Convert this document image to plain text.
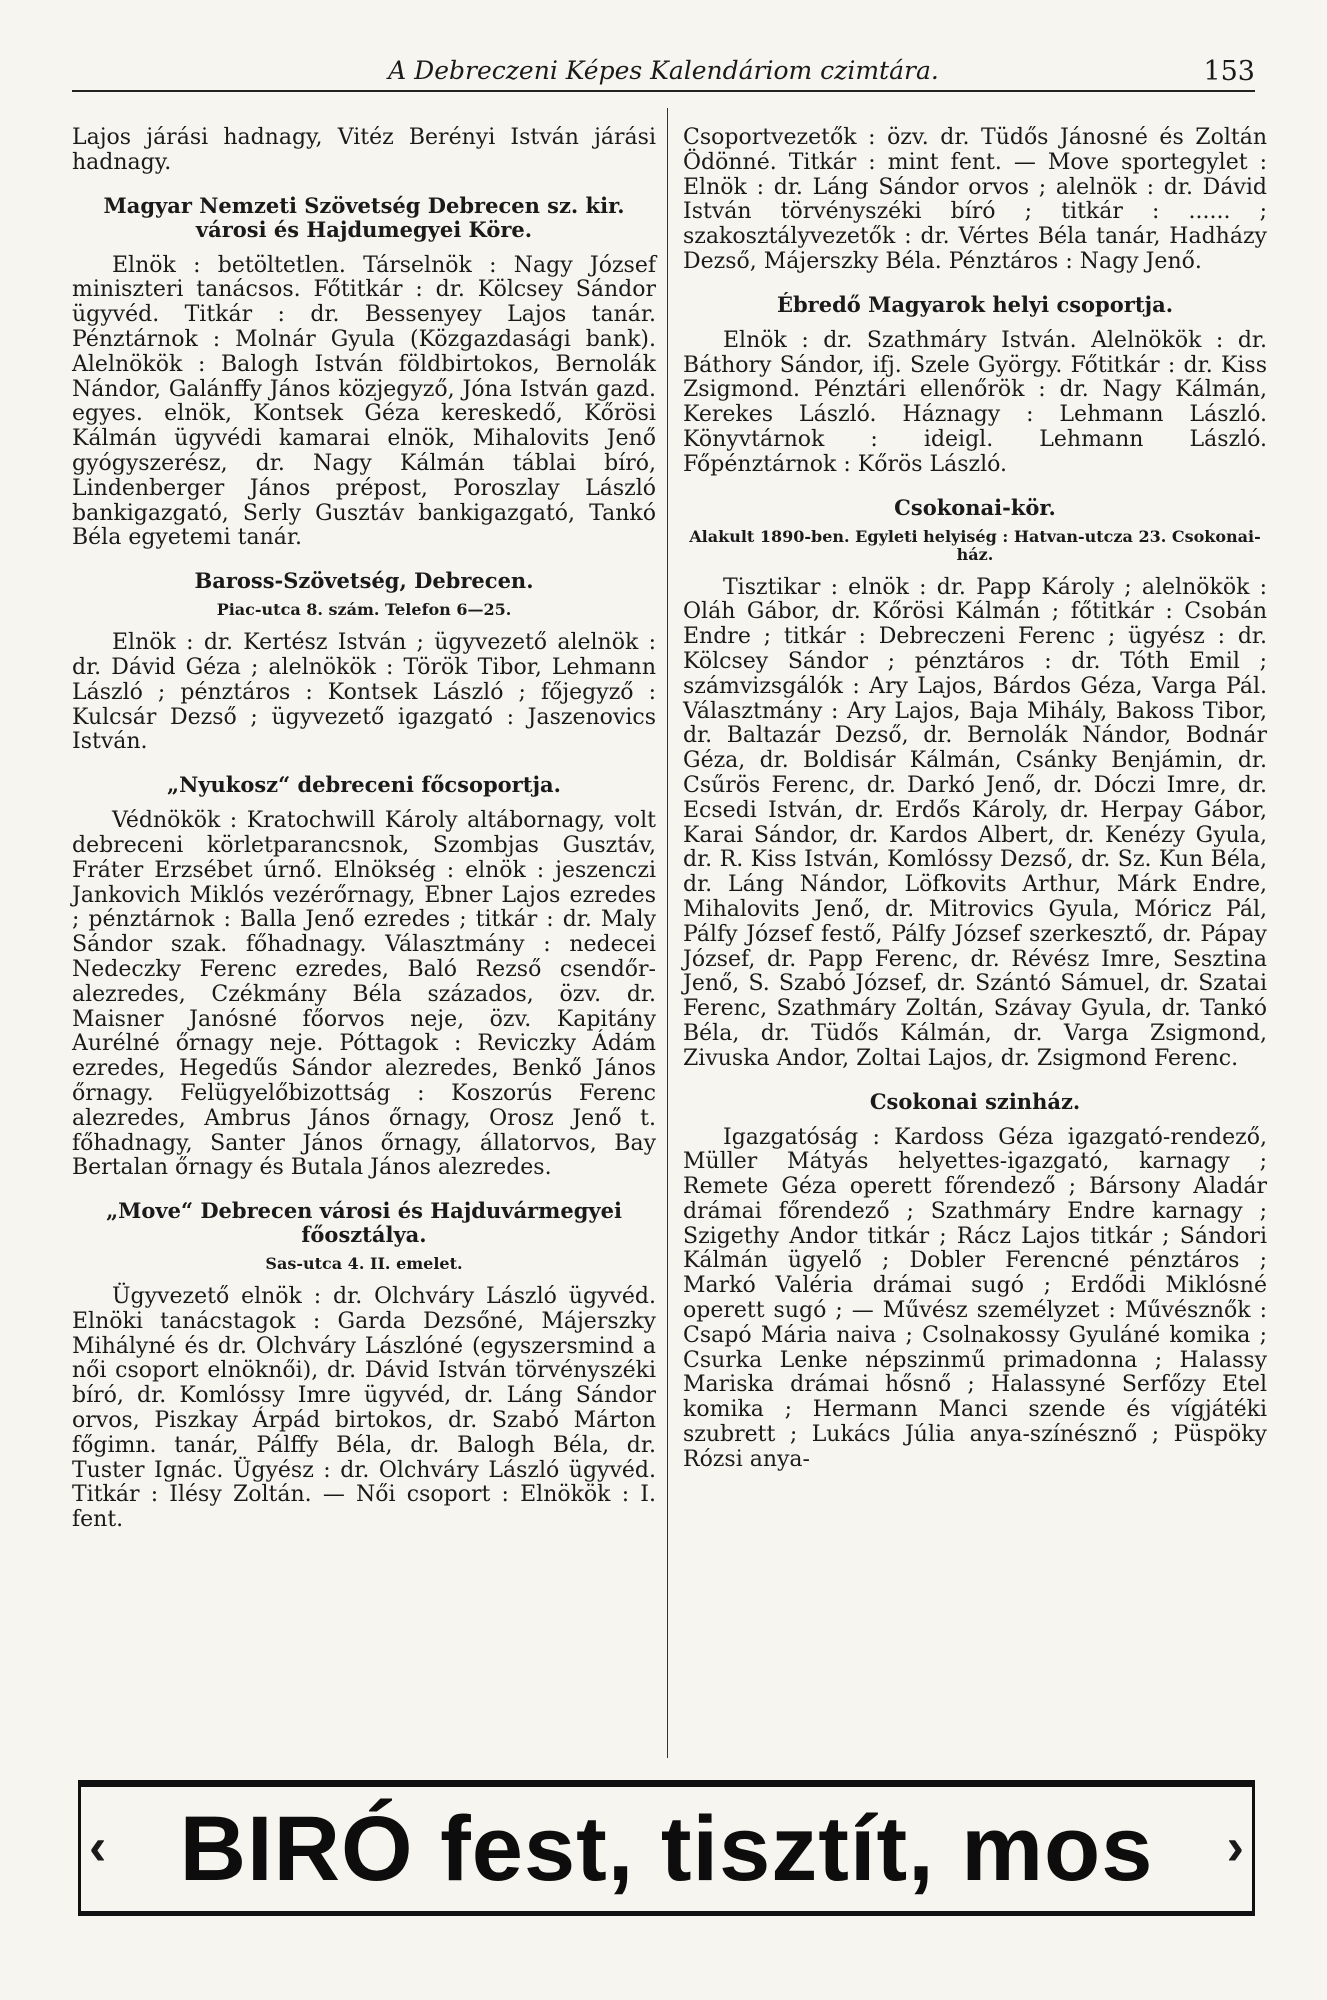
A Debreczeni Képes Kalendáriom czimtára.	153

Lajos járási hadnagy, Vitéz Berényi István járási hadnagy.

Magyar Nemzeti Szövetség Debrecen sz. kir. városi és Hajdumegyei Köre.

Elnök : betöltetlen. Társelnök : Nagy József miniszteri tanácsos. Főtitkár : dr. Kölcsey Sándor ügyvéd. Titkár : dr. Bessenyey Lajos tanár. Pénztárnok : Molnár Gyula (Közgazdasági bank). Alelnökök : Balogh István földbirtokos, Bernolák Nándor, Galánffy János közjegyző, Jóna István gazd. egyes. elnök, Kontsek Géza kereskedő, Kőrösi Kálmán ügyvédi kamarai elnök, Mihalovits Jenő gyógyszerész, dr. Nagy Kálmán táblai bíró, Lindenberger János prépost, Poroszlay László bankigazgató, Serly Gusztáv bankigazgató, Tankó Béla egyetemi tanár.

Baross-Szövetség, Debrecen.
Piac-utca 8. szám. Telefon 6—25.

Elnök : dr. Kertész István ; ügyvezető alelnök : dr. Dávid Géza ; alelnökök : Török Tibor, Lehmann László ; pénztáros : Kontsek László ; főjegyző : Kulcsár Dezső ; ügyvezető igazgató : Jaszenovics István.

„Nyukosz“ debreceni főcsoportja.

Védnökök : Kratochwill Károly altábornagy, volt debreceni körletparancsnok, Szombjas Gusztáv, Fráter Erzsébet úrnő. Elnökség : elnök : jeszenczi Jankovich Miklós vezérőrnagy, Ebner Lajos ezredes ; pénztárnok : Balla Jenő ezredes ; titkár : dr. Maly Sándor szak. főhadnagy. Választmány : nedecei Nedeczky Ferenc ezredes, Baló Rezső csendőr-alezredes, Czékmány Béla százados, özv. dr. Maisner Janósné főorvos neje, özv. Kapitány Aurélné őrnagy neje. Póttagok : Reviczky Ádám ezredes, Hegedűs Sándor alezredes, Benkő János őrnagy. Felügyelőbizottság : Koszorús Ferenc alezredes, Ambrus János őrnagy, Orosz Jenő t. főhadnagy, Santer János őrnagy, állatorvos, Bay Bertalan őrnagy és Butala János alezredes.

„Move“ Debrecen városi és Hajduvármegyei főosztálya.
Sas-utca 4. II. emelet.

Ügyvezető elnök : dr. Olchváry László ügyvéd. Elnöki tanácstagok : Garda Dezsőné, Májerszky Mihályné és dr. Olchváry Lászlóné (egyszersmind a női csoport elnöknői), dr. Dávid István törvényszéki bíró, dr. Komlóssy Imre ügyvéd, dr. Láng Sándor orvos, Piszkay Árpád birtokos, dr. Szabó Márton főgimn. tanár, Pálffy Béla, dr. Balogh Béla, dr. Tuster Ignác. Ügyész : dr. Olchváry László ügyvéd. Titkár : Ilésy Zoltán. — Női csoport : Elnökök : I. fent.

Csoportvezetők : özv. dr. Tüdős Jánosné és Zoltán Ödönné. Titkár : mint fent. — Move sportegylet : Elnök : dr. Láng Sándor orvos ; alelnök : dr. Dávid István törvényszéki bíró ; titkár : ...... ; szakosztályvezetők : dr. Vértes Béla tanár, Hadházy Dezső, Májerszky Béla. Pénztáros : Nagy Jenő.

Ébredő Magyarok helyi csoportja.

Elnök : dr. Szathmáry István. Alelnökök : dr. Báthory Sándor, ifj. Szele György. Főtitkár : dr. Kiss Zsigmond. Pénztári ellenőrök : dr. Nagy Kálmán, Kerekes László. Háznagy : Lehmann László. Könyvtárnok : ideigl. Lehmann László. Főpénztárnok : Kőrös László.

Csokonai-kör.
Alakult 1890-ben. Egyleti helyiség : Hatvan-utcza 23. Csokonai-ház.

Tisztikar : elnök : dr. Papp Károly ; alelnökök : Oláh Gábor, dr. Kőrösi Kálmán ; főtitkár : Csobán Endre ; titkár : Debreczeni Ferenc ; ügyész : dr. Kölcsey Sándor ; pénztáros : dr. Tóth Emil ; számvizsgálók : Ary Lajos, Bárdos Géza, Varga Pál. Választmány : Ary Lajos, Baja Mihály, Bakoss Tibor, dr. Baltazár Dezső, dr. Bernolák Nándor, Bodnár Géza, dr. Boldisár Kálmán, Csánky Benjámin, dr. Csűrös Ferenc, dr. Darkó Jenő, dr. Dóczi Imre, dr. Ecsedi István, dr. Erdős Károly, dr. Herpay Gábor, Karai Sándor, dr. Kardos Albert, dr. Kenézy Gyula, dr. R. Kiss István, Komlóssy Dezső, dr. Sz. Kun Béla, dr. Láng Nándor, Löfkovits Arthur, Márk Endre, Mihalovits Jenő, dr. Mitrovics Gyula, Móricz Pál, Pálfy József festő, Pálfy József szerkesztő, dr. Pápay József, dr. Papp Ferenc, dr. Révész Imre, Sesztina Jenő, S. Szabó József, dr. Szántó Sámuel, dr. Szatai Ferenc, Szathmáry Zoltán, Szávay Gyula, dr. Tankó Béla, dr. Tüdős Kálmán, dr. Varga Zsigmond, Zivuska Andor, Zoltai Lajos, dr. Zsigmond Ferenc.

Csokonai szinház.

Igazgatóság : Kardoss Géza igazgató-rendező, Müller Mátyás helyettes-igazgató, karnagy ; Remete Géza operett főrendező ; Bársony Aladár drámai főrendező ; Szathmáry Endre karnagy ; Szigethy Andor titkár ; Rácz Lajos titkár ; Sándori Kálmán ügyelő ; Dobler Ferencné pénztáros ; Markó Valéria drámai sugó ; Erdődi Miklósné operett sugó ; — Művész személyzet : Művésznők : Csapó Mária naiva ; Csolnakossy Gyuláné komika ; Csurka Lenke népszinmű primadonna ; Halassy Mariska drámai hősnő ; Halassyné Serfőzy Etel komika ; Hermann Manci szende és vígjátéki szubrett ; Lukács Júlia anya-színésznő ; Püspöky Rózsi anya-

‹ BIRÓ fest, tisztít, mos ›
